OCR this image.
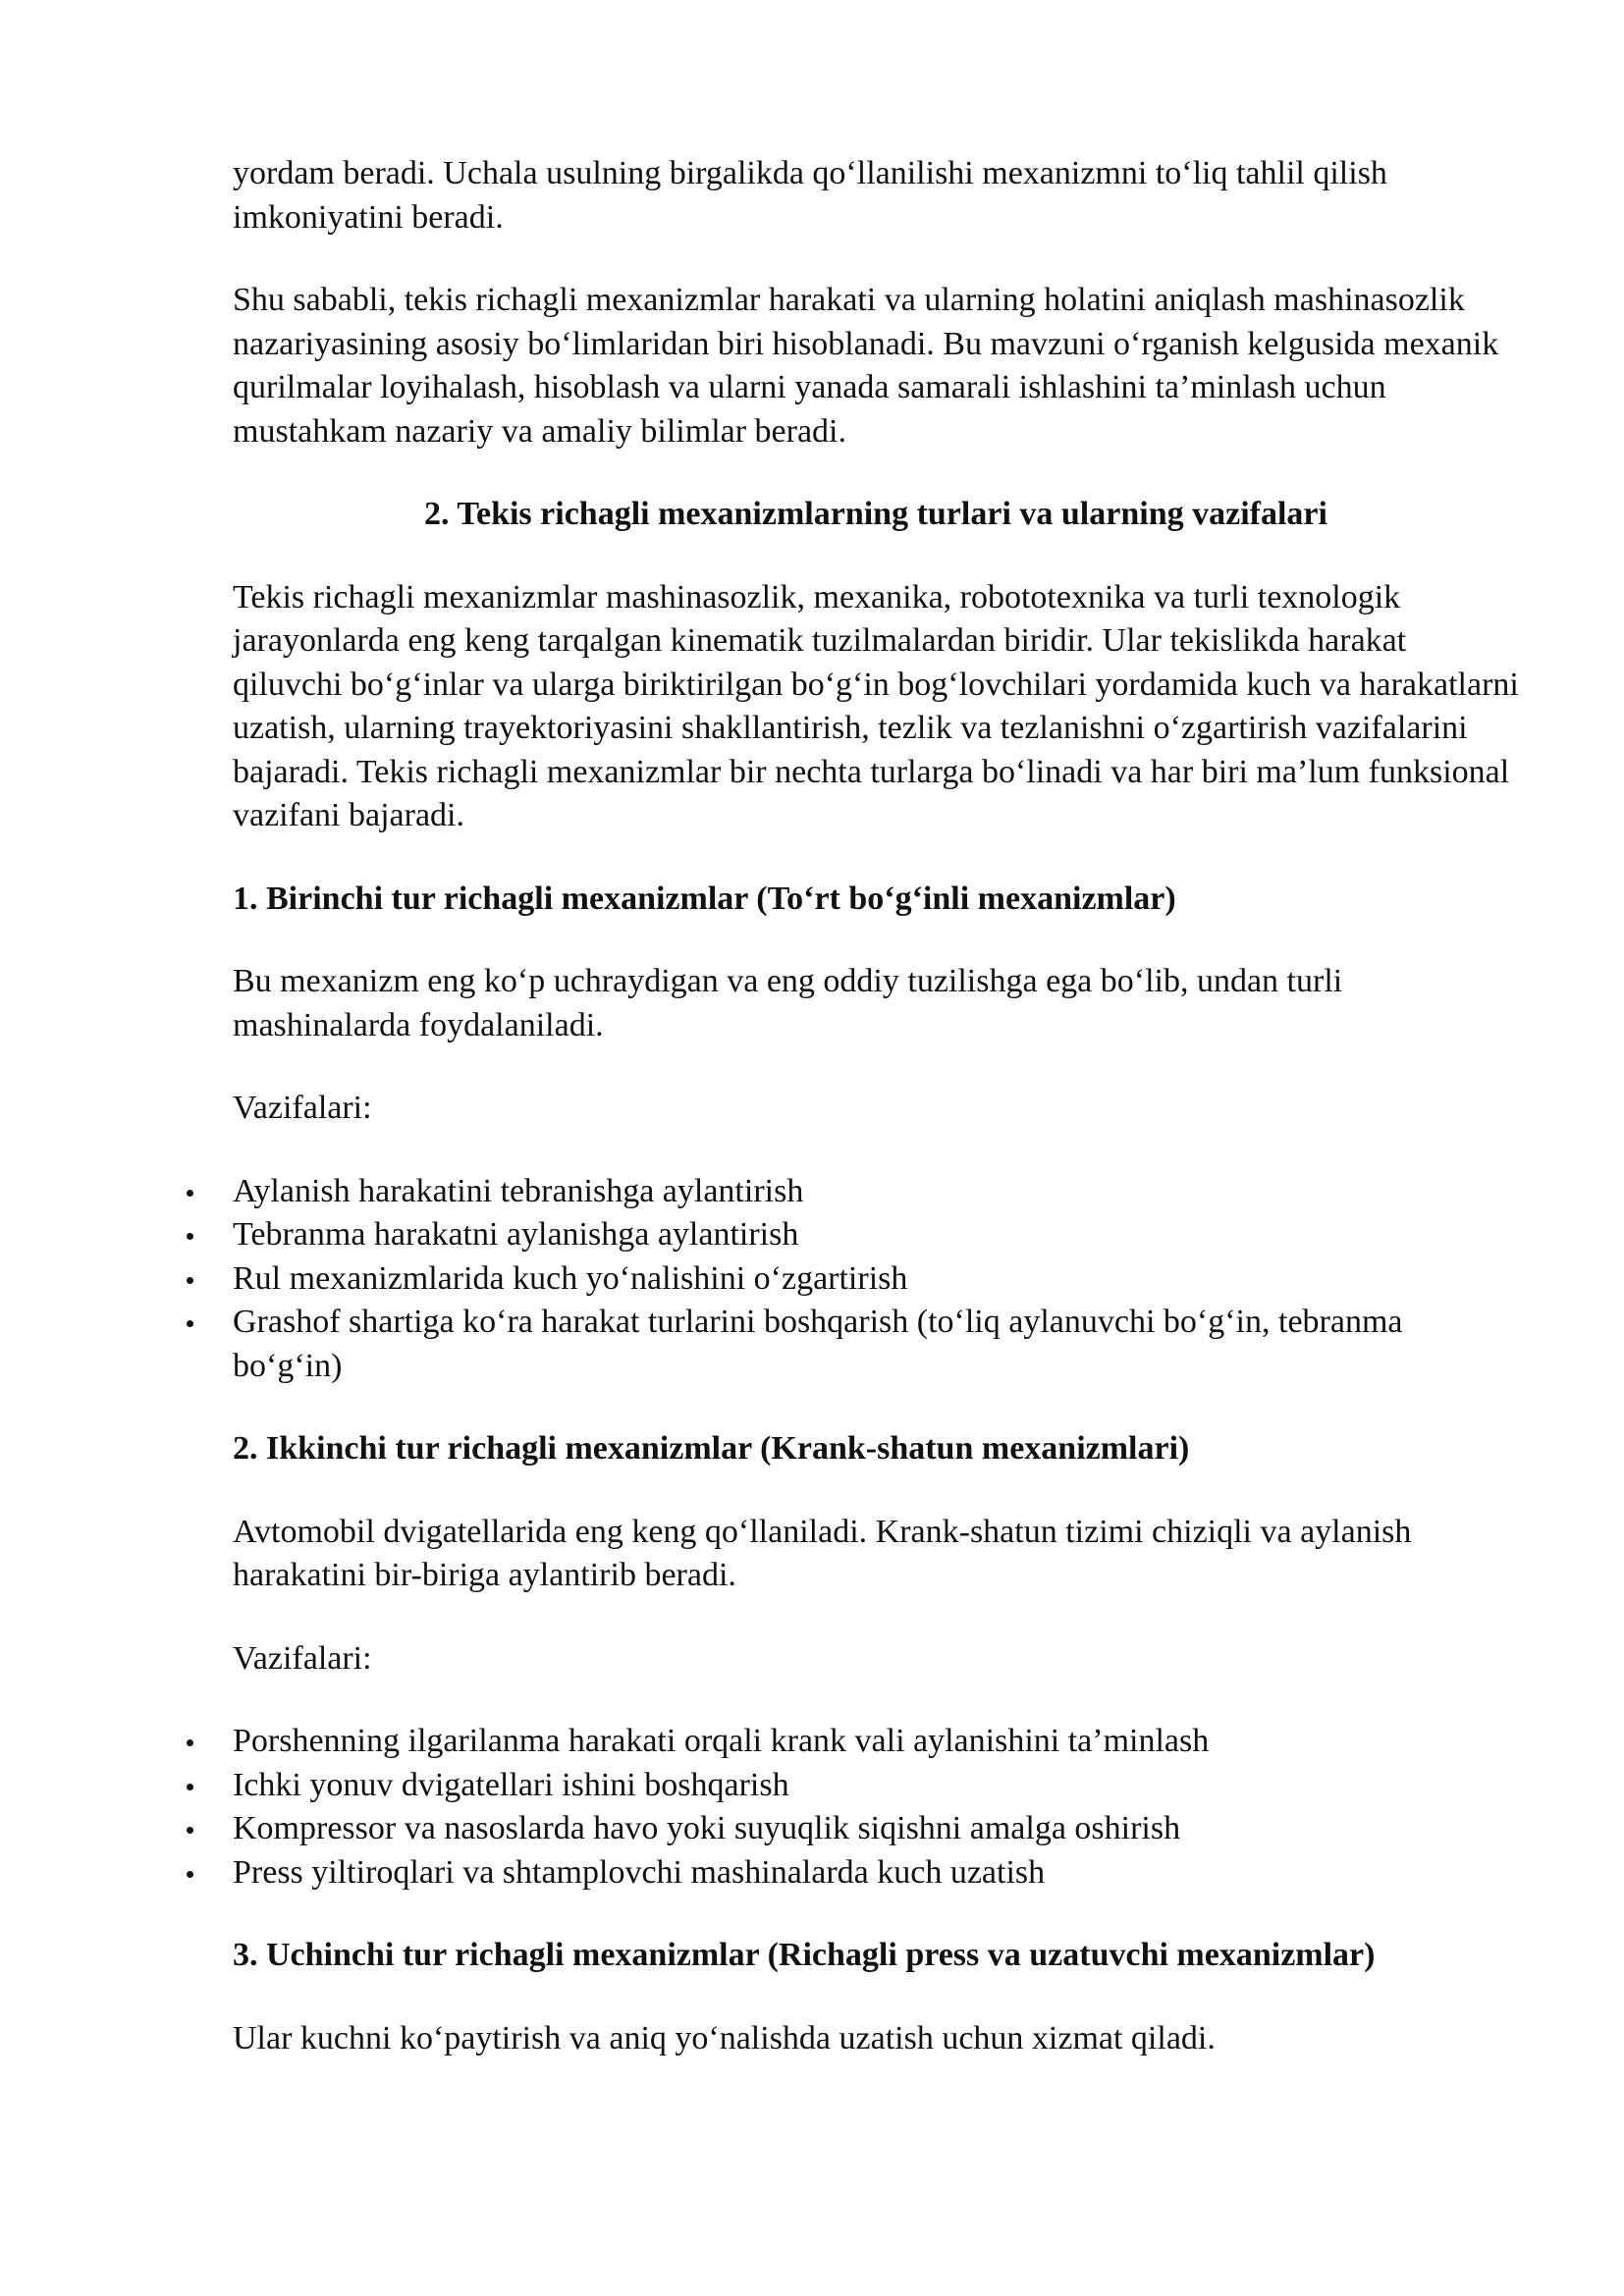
yordam beradi. Uchala usulning birgalikda qo‘llanilishi mexanizmni to‘liq tahlil qilish imkoniyatini beradi.

Shu sababli, tekis richagli mexanizmlar harakati va ularning holatini aniqlash mashinasozlik nazariyasining asosiy bo‘limlaridan biri hisoblanadi. Bu mavzuni o‘rganish kelgusida mexanik qurilmalar loyihalash, hisoblash va ularni yanada samarali ishlashini ta’minlash uchun mustahkam nazariy va amaliy bilimlar beradi.

2. Tekis richagli mexanizmlarning turlari va ularning vazifalari

Tekis richagli mexanizmlar mashinasozlik, mexanika, robototexnika va turli texnologik jarayonlarda eng keng tarqalgan kinematik tuzilmalardan biridir. Ular tekislikda harakat qiluvchi bo‘g‘inlar va ularga biriktirilgan bo‘g‘in bog‘lovchilari yordamida kuch va harakatlarni uzatish, ularning trayektoriyasini shakllantirish, tezlik va tezlanishni o‘zgartirish vazifalarini bajaradi. Tekis richagli mexanizmlar bir nechta turlarga bo‘linadi va har biri ma’lum funksional vazifani bajaradi.

1. Birinchi tur richagli mexanizmlar (To‘rt bo‘g‘inli mexanizmlar)

Bu mexanizm eng ko‘p uchraydigan va eng oddiy tuzilishga ega bo‘lib, undan turli mashinalarda foydalaniladi.

Vazifalari:

Aylanish harakatini tebranishga aylantirish
Tebranma harakatni aylanishga aylantirish
Rul mexanizmlarida kuch yo‘nalishini o‘zgartirish
Grashof shartiga ko‘ra harakat turlarini boshqarish (to‘liq aylanuvchi bo‘g‘in, tebranma bo‘g‘in)

2. Ikkinchi tur richagli mexanizmlar (Krank-shatun mexanizmlari)

Avtomobil dvigatellarida eng keng qo‘llaniladi. Krank-shatun tizimi chiziqli va aylanish harakatini bir-biriga aylantirib beradi.

Vazifalari:

Porshenning ilgarilanma harakati orqali krank vali aylanishini ta’minlash
Ichki yonuv dvigatellari ishini boshqarish
Kompressor va nasoslarda havo yoki suyuqlik siqishni amalga oshirish
Press yiltiroqlari va shtamplovchi mashinalarda kuch uzatish

3. Uchinchi tur richagli mexanizmlar (Richagli press va uzatuvchi mexanizmlar)

Ular kuchni ko‘paytirish va aniq yo‘nalishda uzatish uchun xizmat qiladi.
